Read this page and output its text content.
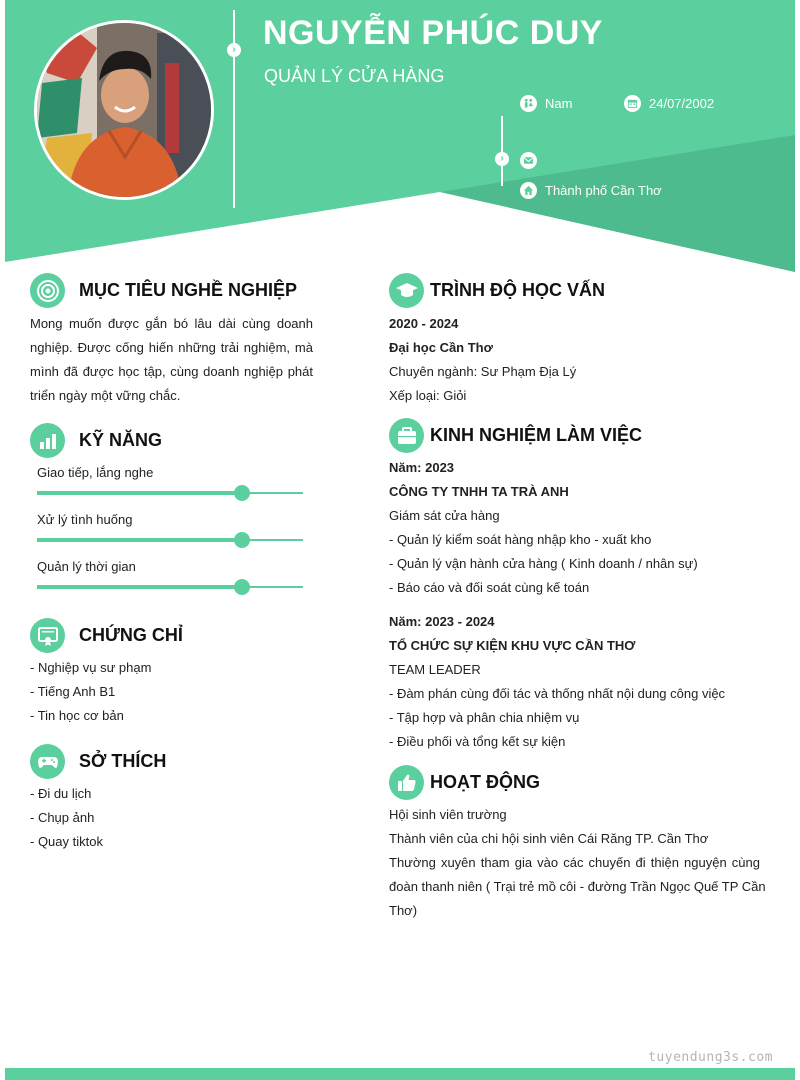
›
›
NGUYỄN PHÚC DUY
QUẢN LÝ CỬA HÀNG
Nam	24/07/2002
Thành phố Cần Thơ
MỤC TIÊU NGHỀ NGHIỆP
Mong muốn được gắn bó lâu dài cùng doanh
nghiệp. Được cống hiến những trải nghiệm, mà
mình đã được học tập, cùng doanh nghiệp phát
triển ngày một vững chắc.
KỸ NĂNG
Giao tiếp, lắng nghe
Xử lý tình huống
Quản lý thời gian
CHỨNG CHỈ
- Nghiệp vụ sư phạm
- Tiếng Anh B1
- Tin học cơ bản
SỞ THÍCH
- Đi du lịch
- Chụp ảnh
- Quay tiktok
TRÌNH ĐỘ HỌC VẤN
2020 - 2024
Đại học Cần Thơ
Chuyên ngành: Sư Phạm Địa Lý
Xếp loại: Giỏi
KINH NGHIỆM LÀM VIỆC
Năm: 2023
CÔNG TY TNHH TA TRÀ ANH
Giám sát cửa hàng
- Quản lý kiểm soát hàng nhập kho - xuất kho
- Quản lý vận hành cửa hàng ( Kinh doanh / nhân sự)
- Báo cáo và đối soát cùng kế toán
Năm: 2023 - 2024
TỔ CHỨC SỰ KIỆN KHU VỰC CẦN THƠ
TEAM LEADER
- Đàm phán cùng đối tác và thống nhất nội dung công việc
- Tập hợp và phân chia nhiệm vụ
- Điều phối và tổng kết sự kiện
HOẠT ĐỘNG
Hội sinh viên trường
Thành viên của chi hội sinh viên Cái Răng TP. Cần Thơ
Thường xuyên tham gia vào các chuyến đi thiện nguyện cùng
đoàn thanh niên ( Trại trẻ mồ côi - đường Trần Ngọc Quế TP Cần
Thơ)
tuyendung3s.com
